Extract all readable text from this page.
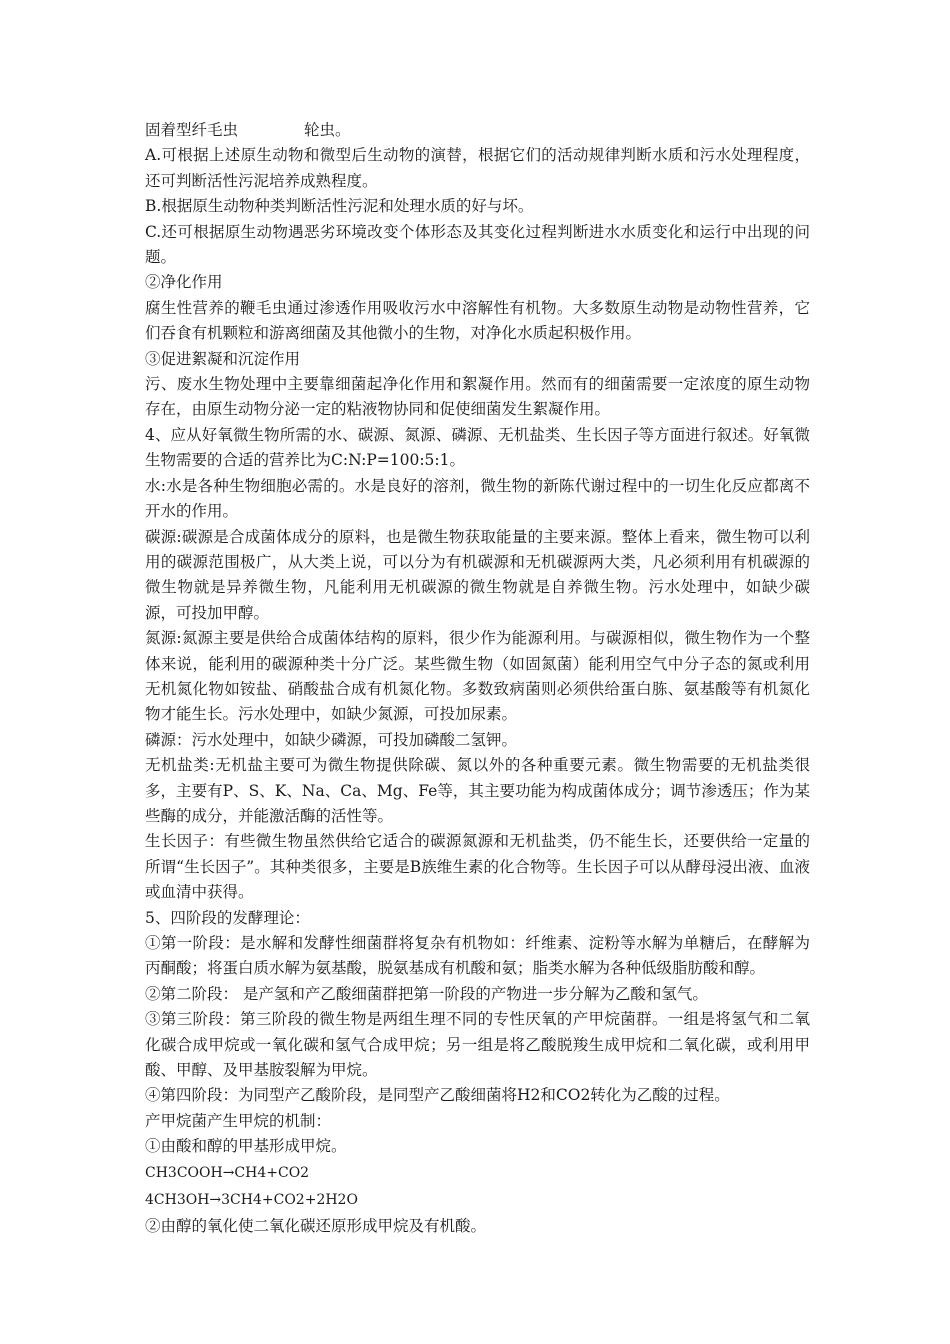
固着型纤毛虫	轮虫。

A.可根据上述原生动物和微型后生动物的演替，根据它们的活动规律判断水质和污水处理程度，还可判断活性污泥培养成熟程度。

B.根据原生动物种类判断活性污泥和处理水质的好与坏。

C.还可根据原生动物遇恶劣环境改变个体形态及其变化过程判断进水水质变化和运行中出现的问题。

②净化作用

腐生性营养的鞭毛虫通过渗透作用吸收污水中溶解性有机物。大多数原生动物是动物性营养，它们吞食有机颗粒和游离细菌及其他微小的生物，对净化水质起积极作用。

③促进絮凝和沉淀作用

污、废水生物处理中主要靠细菌起净化作用和絮凝作用。然而有的细菌需要一定浓度的原生动物存在，由原生动物分泌一定的粘液物协同和促使细菌发生絮凝作用。

4、应从好氧微生物所需的水、碳源、氮源、磷源、无机盐类、生长因子等方面进行叙述。好氧微生物需要的合适的营养比为C:N:P=100:5:1。

水:水是各种生物细胞必需的。水是良好的溶剂，微生物的新陈代谢过程中的一切生化反应都离不开水的作用。

碳源:碳源是合成菌体成分的原料，也是微生物获取能量的主要来源。整体上看来，微生物可以利用的碳源范围极广，从大类上说，可以分为有机碳源和无机碳源两大类，凡必须利用有机碳源的微生物就是异养微生物，凡能利用无机碳源的微生物就是自养微生物。污水处理中，如缺少碳源，可投加甲醇。

氮源:氮源主要是供给合成菌体结构的原料，很少作为能源利用。与碳源相似，微生物作为一个整体来说，能利用的碳源种类十分广泛。某些微生物（如固氮菌）能利用空气中分子态的氮或利用无机氮化物如铵盐、硝酸盐合成有机氮化物。多数致病菌则必须供给蛋白胨、氨基酸等有机氮化物才能生长。污水处理中，如缺少氮源，可投加尿素。

磷源：污水处理中，如缺少磷源，可投加磷酸二氢钾。

无机盐类:无机盐主要可为微生物提供除碳、氮以外的各种重要元素。微生物需要的无机盐类很多，主要有P、S、K、Na、Ca、Mg、Fe等，其主要功能为构成菌体成分；调节渗透压；作为某些酶的成分，并能激活酶的活性等。

生长因子：有些微生物虽然供给它适合的碳源氮源和无机盐类，仍不能生长，还要供给一定量的所谓“生长因子”。其种类很多，主要是B族维生素的化合物等。生长因子可以从酵母浸出液、血液或血清中获得。

5、四阶段的发酵理论：

①第一阶段：是水解和发酵性细菌群将复杂有机物如：纤维素、淀粉等水解为单糖后，在酵解为丙酮酸；将蛋白质水解为氨基酸，脱氨基成有机酸和氨；脂类水解为各种低级脂肪酸和醇。

②第二阶段： 是产氢和产乙酸细菌群把第一阶段的产物进一步分解为乙酸和氢气。

③第三阶段：第三阶段的微生物是两组生理不同的专性厌氧的产甲烷菌群。一组是将氢气和二氧化碳合成甲烷或一氧化碳和氢气合成甲烷；另一组是将乙酸脱羧生成甲烷和二氧化碳，或利用甲酸、甲醇、及甲基胺裂解为甲烷。

④第四阶段：为同型产乙酸阶段，是同型产乙酸细菌将H2和CO2转化为乙酸的过程。

产甲烷菌产生甲烷的机制：

①由酸和醇的甲基形成甲烷。

CH3COOH→CH4+CO2

4CH3OH→3CH4+CO2+2H2O

②由醇的氧化使二氧化碳还原形成甲烷及有机酸。
